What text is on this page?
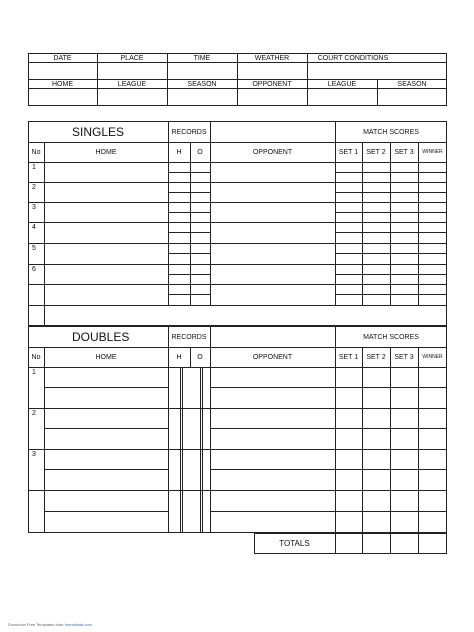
DATE	PLACE	TIME	WEATHER	COURT CONDITIONS
HOME	LEAGUE	SEASON	OPPONENT	LEAGUE	SEASON
SINGLES	RECORDS	MATCH SCORES
No	HOME	H	O	OPPONENT	SET 1	SET 2	SET 3	WINNER
1
2
3
4
5
6
DOUBLES	RECORDS	MATCH SCORES
No	HOME	H	O	OPPONENT	SET 1	SET 2	SET 3	WINNER
1
2
3
TOTALS
Download Free Templates from formsbirds.com
